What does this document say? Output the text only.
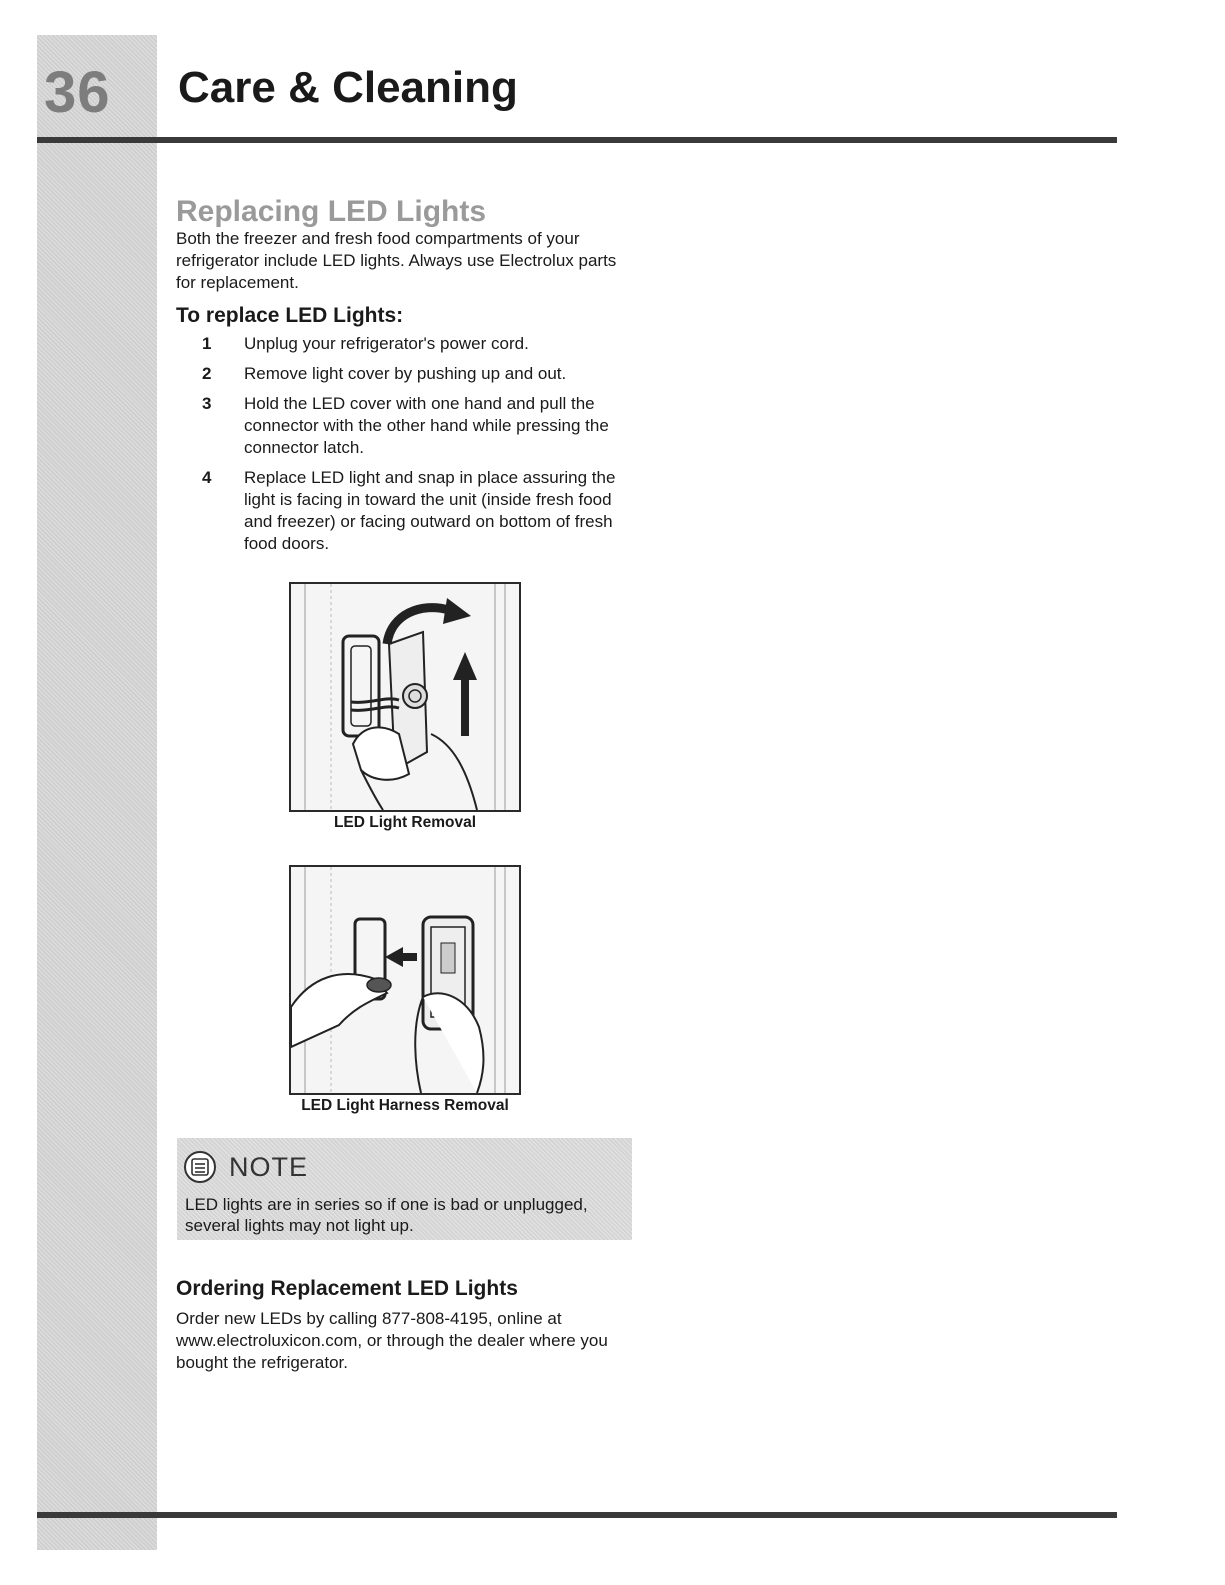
36 Care & Cleaning
Replacing LED Lights

Both the freezer and fresh food compartments of your refrigerator include LED lights. Always use Electrolux parts for replacement.

To replace LED Lights:
1	Unplug your refrigerator's power cord.
2	Remove light cover by pushing up and out.
3	Hold the LED cover with one hand and pull the connector with the other hand while pressing the connector latch.
4	Replace LED light and snap in place assuring the light is facing in toward the unit (inside fresh food and freezer) or facing outward on bottom of fresh food doors.
LED Light Removal
LED Light Harness Removal
NOTE
LED lights are in series so if one is bad or unplugged, several lights may not light up.
Ordering Replacement LED Lights

Order new LEDs by calling 877-808-4195, online at www.electroluxicon.com, or through the dealer where you bought the refrigerator.
